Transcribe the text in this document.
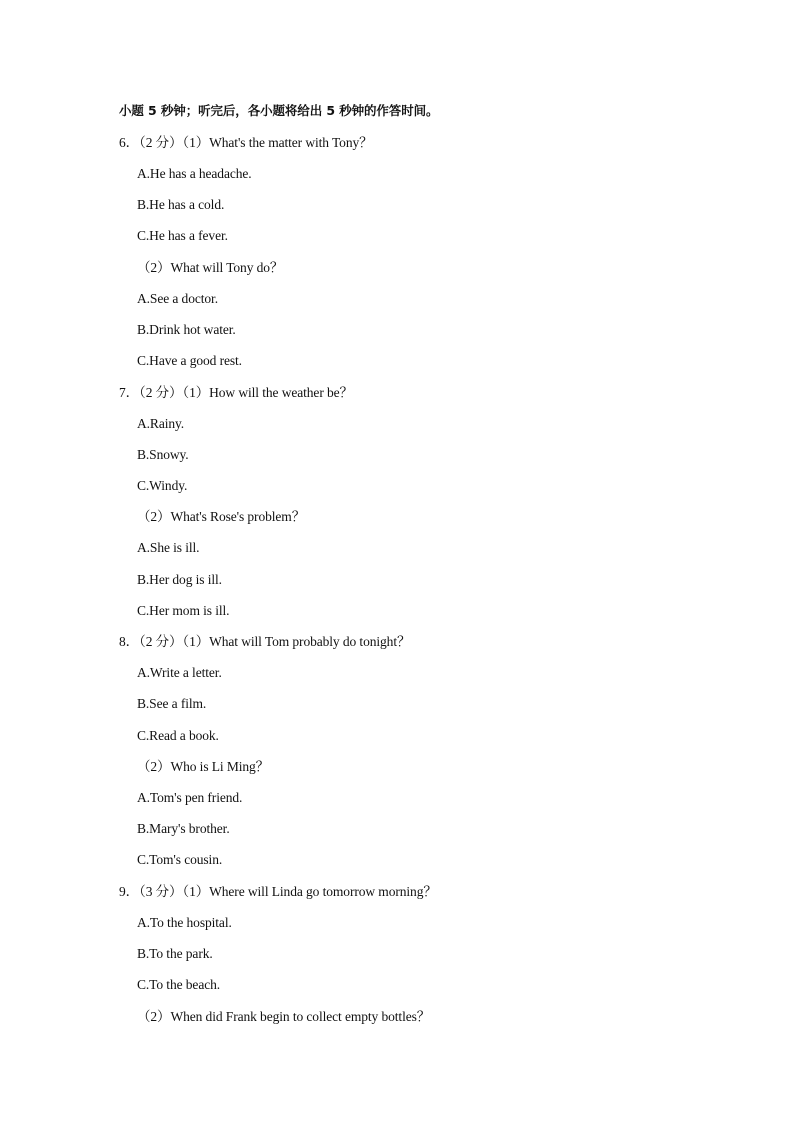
小题 5 秒钟；听完后，各小题将给出 5 秒钟的作答时间。
6．（2 分）（1）What's the matter with Tony？
A.He has a headache.
B.He has a cold.
C.He has a fever.
（2）What will Tony do？
A.See a doctor.
B.Drink hot water.
C.Have a good rest.
7．（2 分）（1）How will the weather be？
A.Rainy.
B.Snowy.
C.Windy.
（2）What's Rose's problem？
A.She is ill.
B.Her dog is ill.
C.Her mom is ill.
8．（2 分）（1）What will Tom probably do tonight？
A.Write a letter.
B.See a film.
C.Read a book.
（2）Who is Li Ming？
A.Tom's pen friend.
B.Mary's brother.
C.Tom's cousin.
9．（3 分）（1）Where will Linda go tomorrow morning？
A.To the hospital.
B.To the park.
C.To the beach.
（2）When did Frank begin to collect empty bottles？
